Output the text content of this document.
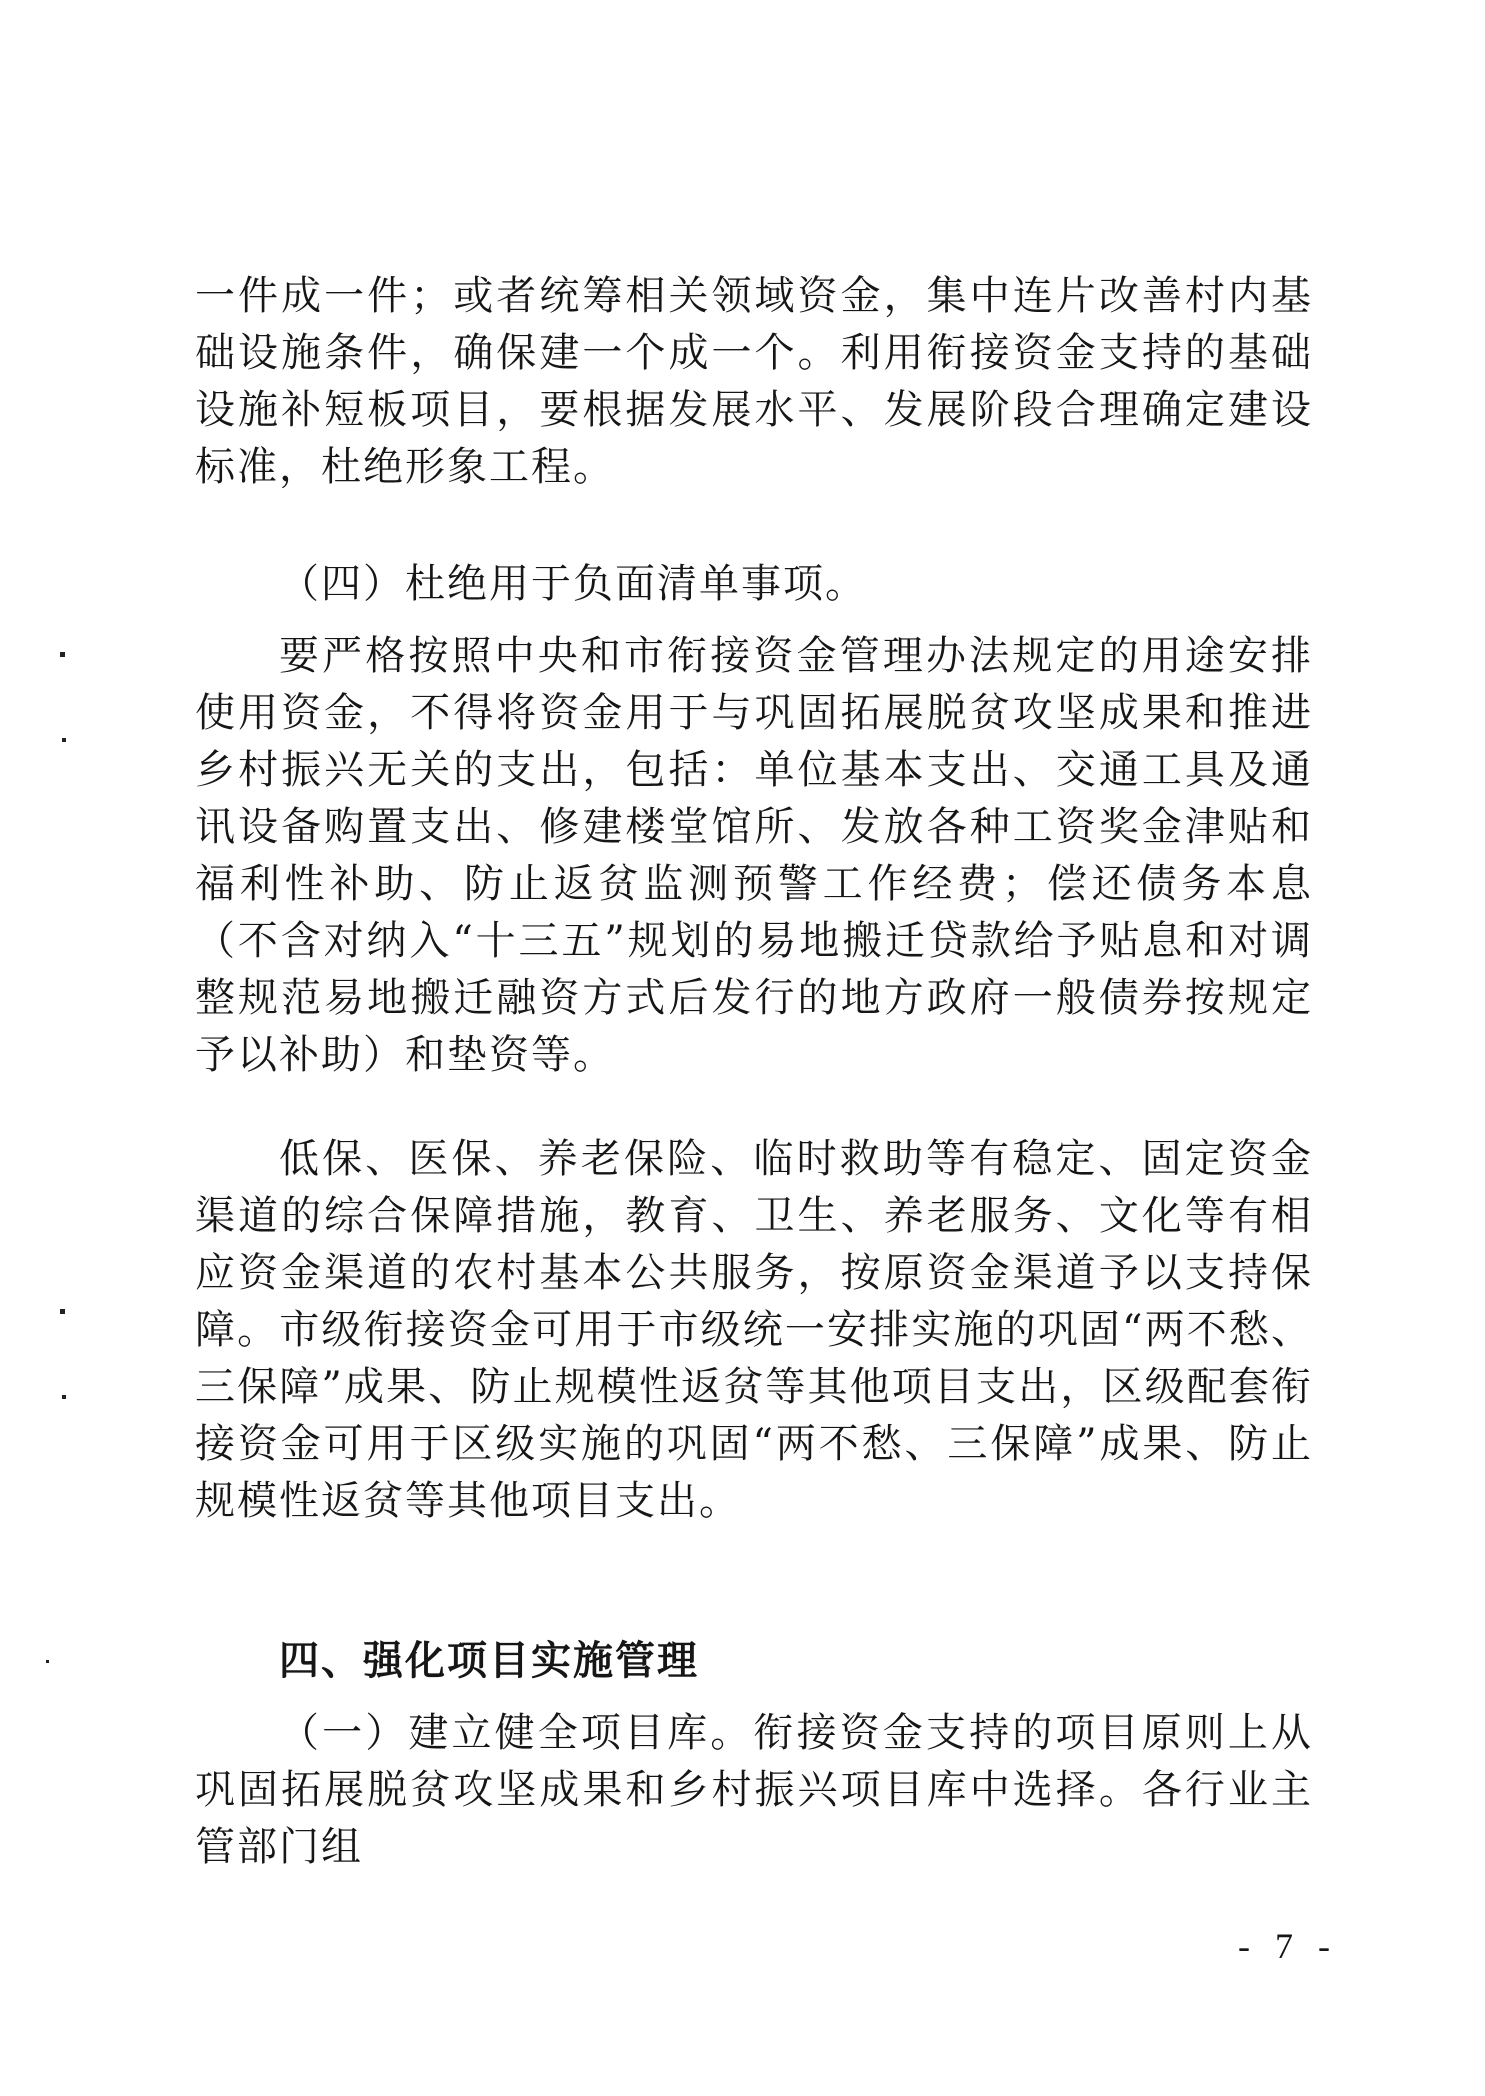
一件成一件；或者统筹相关领域资金，集中连片改善村内基础设施条件，确保建一个成一个。利用衔接资金支持的基础设施补短板项目，要根据发展水平、发展阶段合理确定建设标准，杜绝形象工程。

（四）杜绝用于负面清单事项。

要严格按照中央和市衔接资金管理办法规定的用途安排使用资金，不得将资金用于与巩固拓展脱贫攻坚成果和推进乡村振兴无关的支出，包括：单位基本支出、交通工具及通讯设备购置支出、修建楼堂馆所、发放各种工资奖金津贴和福利性补助、防止返贫监测预警工作经费；偿还债务本息（不含对纳入“十三五”规划的易地搬迁贷款给予贴息和对调整规范易地搬迁融资方式后发行的地方政府一般债券按规定予以补助）和垫资等。

低保、医保、养老保险、临时救助等有稳定、固定资金渠道的综合保障措施，教育、卫生、养老服务、文化等有相应资金渠道的农村基本公共服务，按原资金渠道予以支持保障。市级衔接资金可用于市级统一安排实施的巩固“两不愁、三保障”成果、防止规模性返贫等其他项目支出，区级配套衔接资金可用于区级实施的巩固“两不愁、三保障”成果、防止规模性返贫等其他项目支出。

四、强化项目实施管理

（一）建立健全项目库。衔接资金支持的项目原则上从巩固拓展脱贫攻坚成果和乡村振兴项目库中选择。各行业主管部门组

- 7 -
